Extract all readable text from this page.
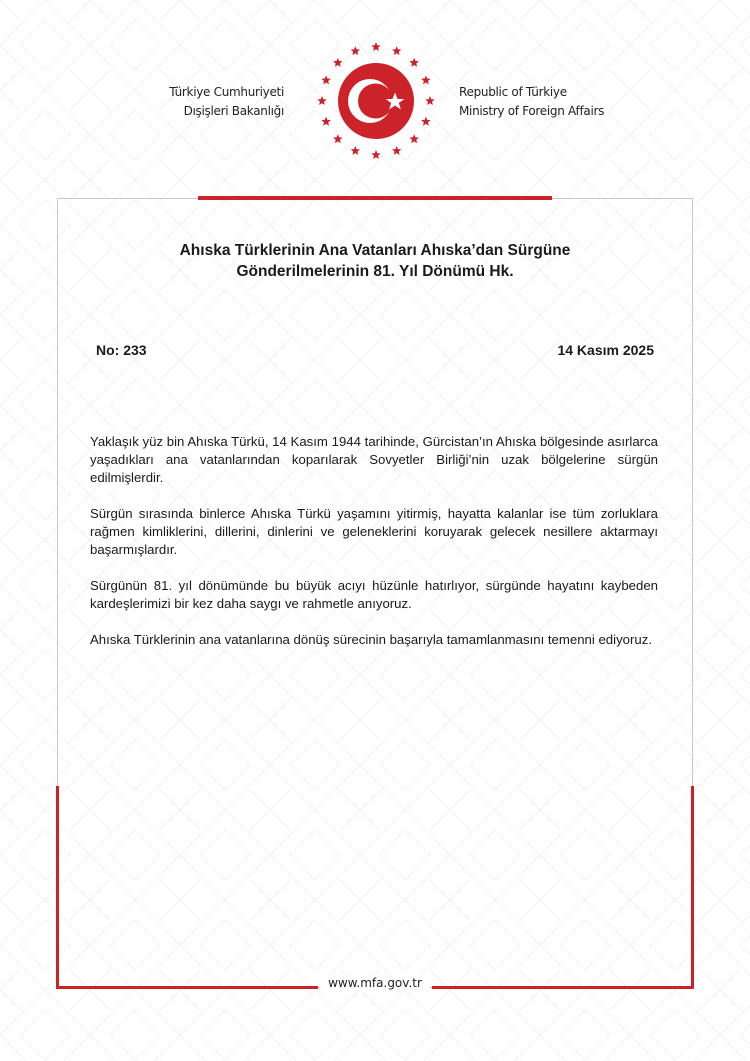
Türkiye Cumhuriyeti
Dışişleri Bakanlığı
Republic of Türkiye
Ministry of Foreign Affairs
Ahıska Türklerinin Ana Vatanları Ahıska’dan Sürgüne
Gönderilmelerinin 81. Yıl Dönümü Hk.
No: 233	14 Kasım 2025

Yaklaşık yüz bin Ahıska Türkü, 14 Kasım 1944 tarihinde, Gürcistan’ın Ahıska bölgesinde asırlarca yaşadıkları ana vatanlarından koparılarak Sovyetler Birliği’nin uzak bölgelerine sürgün edilmişlerdir.

Sürgün sırasında binlerce Ahıska Türkü yaşamını yitirmiş, hayatta kalanlar ise tüm zorluklara rağmen kimliklerini, dillerini, dinlerini ve geleneklerini koruyarak gelecek nesillere aktarmayı başarmışlardır.

Sürgünün 81. yıl dönümünde bu büyük acıyı hüzünle hatırlıyor, sürgünde hayatını kaybeden kardeşlerimizi bir kez daha saygı ve rahmetle anıyoruz.

Ahıska Türklerinin ana vatanlarına dönüş sürecinin başarıyla tamamlanmasını temenni ediyoruz.

www.mfa.gov.tr
